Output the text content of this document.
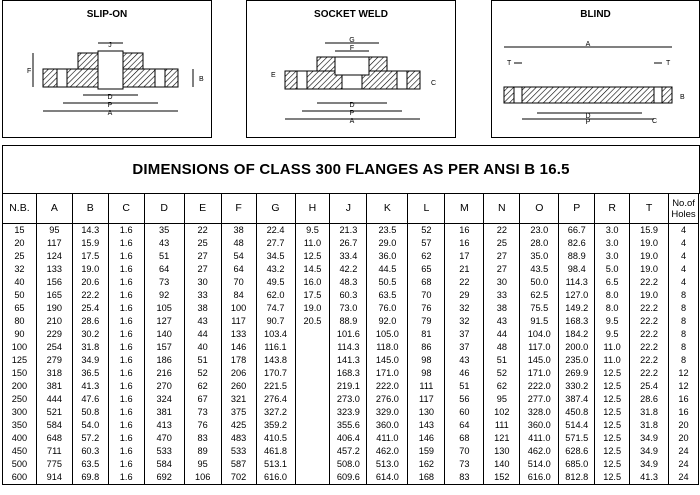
SLIP-ON
A
P
D
J
F
B
SOCKET WELD
A
P
D
F
G
E
C
BLIND
A
D
P
T	T
B
C
DIMENSIONS OF CLASS 300 FLANGES AS PER ANSI B 16.5
N.B.	A	B	C	D	E	F	G	H	J	K	L	M	N	O	P	R	T	No.of Holes
15	95	14.3	1.6	35	22	38	22.4	9.5	21.3	23.5	52	16	22	23.0	66.7	3.0	15.9	4
20	117	15.9	1.6	43	25	48	27.7	11.0	26.7	29.0	57	16	25	28.0	82.6	3.0	19.0	4
25	124	17.5	1.6	51	27	54	34.5	12.5	33.4	36.0	62	17	27	35.0	88.9	3.0	19.0	4
32	133	19.0	1.6	64	27	64	43.2	14.5	42.2	44.5	65	21	27	43.5	98.4	5.0	19.0	4
40	156	20.6	1.6	73	30	70	49.5	16.0	48.3	50.5	68	22	30	50.0	114.3	6.5	22.2	4
50	165	22.2	1.6	92	33	84	62.0	17.5	60.3	63.5	70	29	33	62.5	127.0	8.0	19.0	8
65	190	25.4	1.6	105	38	100	74.7	19.0	73.0	76.0	76	32	38	75.5	149.2	8.0	22.2	8
80	210	28.6	1.6	127	43	117	90.7	20.5	88.9	92.0	79	32	43	91.5	168.3	9.5	22.2	8
90	229	30.2	1.6	140	44	133	103.4		101.6	105.0	81	37	44	104.0	184.2	9.5	22.2	8
100	254	31.8	1.6	157	40	146	116.1		114.3	118.0	86	37	48	117.0	200.0	11.0	22.2	8
125	279	34.9	1.6	186	51	178	143.8		141.3	145.0	98	43	51	145.0	235.0	11.0	22.2	8
150	318	36.5	1.6	216	52	206	170.7		168.3	171.0	98	46	52	171.0	269.9	12.5	22.2	12
200	381	41.3	1.6	270	62	260	221.5		219.1	222.0	111	51	62	222.0	330.2	12.5	25.4	12
250	444	47.6	1.6	324	67	321	276.4		273.0	276.0	117	56	95	277.0	387.4	12.5	28.6	16
300	521	50.8	1.6	381	73	375	327.2		323.9	329.0	130	60	102	328.0	450.8	12.5	31.8	16
350	584	54.0	1.6	413	76	425	359.2		355.6	360.0	143	64	111	360.0	514.4	12.5	31.8	20
400	648	57.2	1.6	470	83	483	410.5		406.4	411.0	146	68	121	411.0	571.5	12.5	34.9	20
450	711	60.3	1.6	533	89	533	461.8		457.2	462.0	159	70	130	462.0	628.6	12.5	34.9	24
500	775	63.5	1.6	584	95	587	513.1		508.0	513.0	162	73	140	514.0	685.0	12.5	34.9	24
600	914	69.8	1.6	692	106	702	616.0		609.6	614.0	168	83	152	616.0	812.8	12.5	41.3	24
